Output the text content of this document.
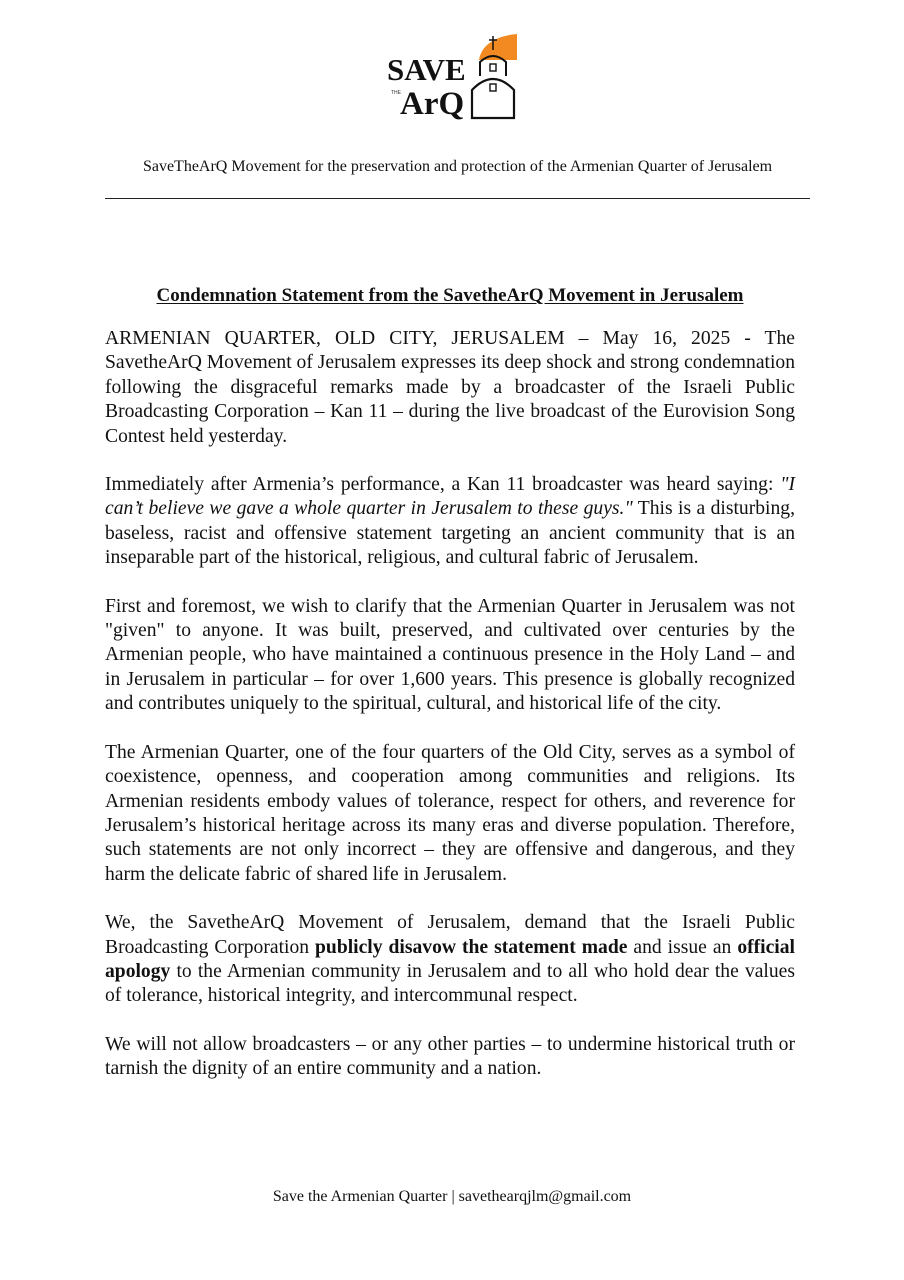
SAVE
THE ArQ
SaveTheArQ Movement for the preservation and protection of the Armenian Quarter of Jerusalem
Condemnation Statement from the SavetheArQ Movement in Jerusalem

ARMENIAN QUARTER, OLD CITY, JERUSALEM – May 16, 2025 - The SavetheArQ Movement of Jerusalem expresses its deep shock and strong condemnation following the disgraceful remarks made by a broadcaster of the Israeli Public Broadcasting Corporation – Kan 11 – during the live broadcast of the Eurovision Song Contest held yesterday.

Immediately after Armenia’s performance, a Kan 11 broadcaster was heard saying: "I can’t believe we gave a whole quarter in Jerusalem to these guys." This is a disturbing, baseless, racist and offensive statement targeting an ancient community that is an inseparable part of the historical, religious, and cultural fabric of Jerusalem.

First and foremost, we wish to clarify that the Armenian Quarter in Jerusalem was not "given" to anyone. It was built, preserved, and cultivated over centuries by the Armenian people, who have maintained a continuous presence in the Holy Land – and in Jerusalem in particular – for over 1,600 years. This presence is globally recognized and contributes uniquely to the spiritual, cultural, and historical life of the city.

The Armenian Quarter, one of the four quarters of the Old City, serves as a symbol of coexistence, openness, and cooperation among communities and religions. Its Armenian residents embody values of tolerance, respect for others, and reverence for Jerusalem’s historical heritage across its many eras and diverse population. Therefore, such statements are not only incorrect – they are offensive and dangerous, and they harm the delicate fabric of shared life in Jerusalem.

We, the SavetheArQ Movement of Jerusalem, demand that the Israeli Public Broadcasting Corporation publicly disavow the statement made and issue an official apology to the Armenian community in Jerusalem and to all who hold dear the values of tolerance, historical integrity, and intercommunal respect.

We will not allow broadcasters – or any other parties – to undermine historical truth or tarnish the dignity of an entire community and a nation.

Save the Armenian Quarter | savethearqjlm@gmail.com
